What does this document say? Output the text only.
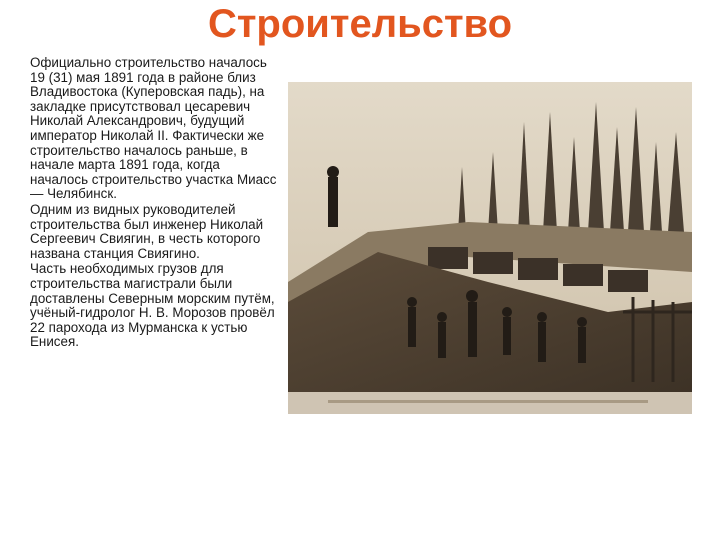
Строительство

Официально строительство началось 19 (31) мая 1891 года в районе близ Владивостока (Куперовская падь), на закладке присутствовал цесаревич Николай Александрович, будущий император Николай II. Фактически же строительство началось раньше, в начале марта 1891 года, когда началось строительство участка Миасс — Челябинск.

Одним из видных руководителей строительства был инженер Николай Сергеевич Свиягин, в честь которого названа станция Свиягино.

Часть необходимых грузов для строительства магистрали были доставлены Северным морским путём, учёный-гидролог Н. В. Морозов провёл 22 парохода из Мурманска к устью Енисея.
